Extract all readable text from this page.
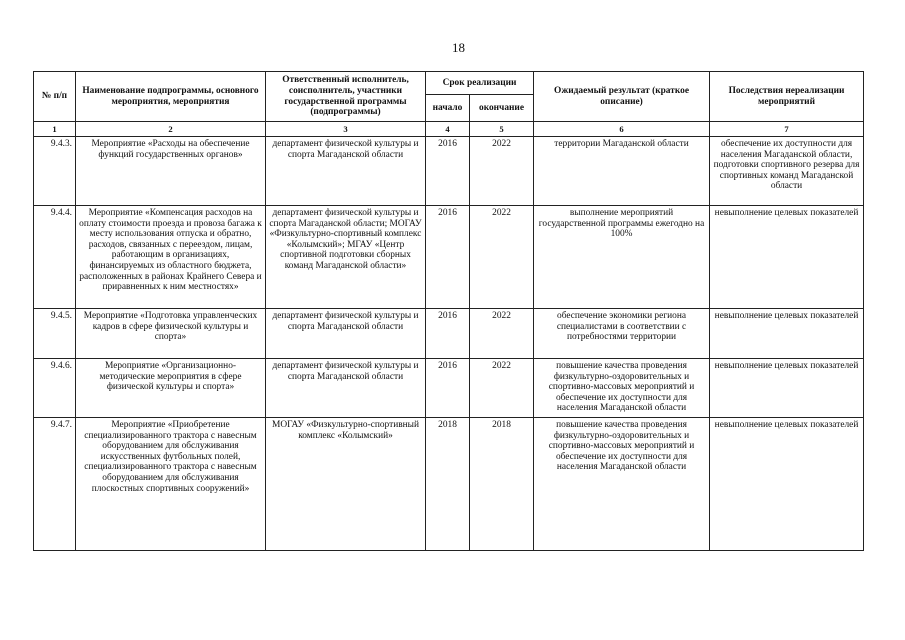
18
№ п/п	Наименование подпрограммы, основного мероприятия, мероприятия	Ответственный исполнитель, соисполнитель, участники государственной программы (подпрограммы)	Срок реализации		Ожидаемый результат (краткое описание)	Последствия нереализации мероприятий
			начало	окончание		
1	2	3	4	5	6	7
9.4.3.	Мероприятие «Расходы на обеспечение функций государственных органов»	департамент физической культуры и спорта Магаданской области	2016	2022	территории Магаданской области	обеспечение их доступности для населения Магаданской области, подготовки спортивного резерва для спортивных команд Магаданской области
9.4.4.	Мероприятие «Компенсация расходов на оплату стоимости проезда и провоза багажа к месту использования отпуска и обратно, расходов, связанных с переездом, лицам, работающим в организациях, финансируемых из областного бюджета, расположенных в районах Крайнего Севера и приравненных к ним местностях»	департамент физической культуры и спорта Магаданской области; МОГАУ «Физкультурно-спортивный комплекс «Колымский»; МГАУ «Центр спортивной подготовки сборных команд Магаданской области»	2016	2022	выполнение мероприятий государственной программы ежегодно на 100%	невыполнение целевых показателей
9.4.5.	Мероприятие «Подготовка управленческих кадров в сфере физической культуры и спорта»	департамент физической культуры и спорта Магаданской области	2016	2022	обеспечение экономики региона специалистами в соответствии с потребностями территории	невыполнение целевых показателей
9.4.6.	Мероприятие «Организационно-методические мероприятия в сфере физической культуры и спорта»	департамент физической культуры и спорта Магаданской области	2016	2022	повышение качества проведения физкультурно-оздоровительных и спортивно-массовых мероприятий и обеспечение их доступности для населения Магаданской области	невыполнение целевых показателей
9.4.7.	Мероприятие «Приобретение специализированного трактора с навесным оборудованием для обслуживания искусственных футбольных полей, специализированного трактора с навесным оборудованием для обслуживания плоскостных спортивных сооружений»	МОГАУ «Физкультурно-спортивный комплекс «Колымский»	2018	2018	повышение качества проведения физкультурно-оздоровительных и спортивно-массовых мероприятий и обеспечение их доступности для населения Магаданской области	невыполнение целевых показателей
